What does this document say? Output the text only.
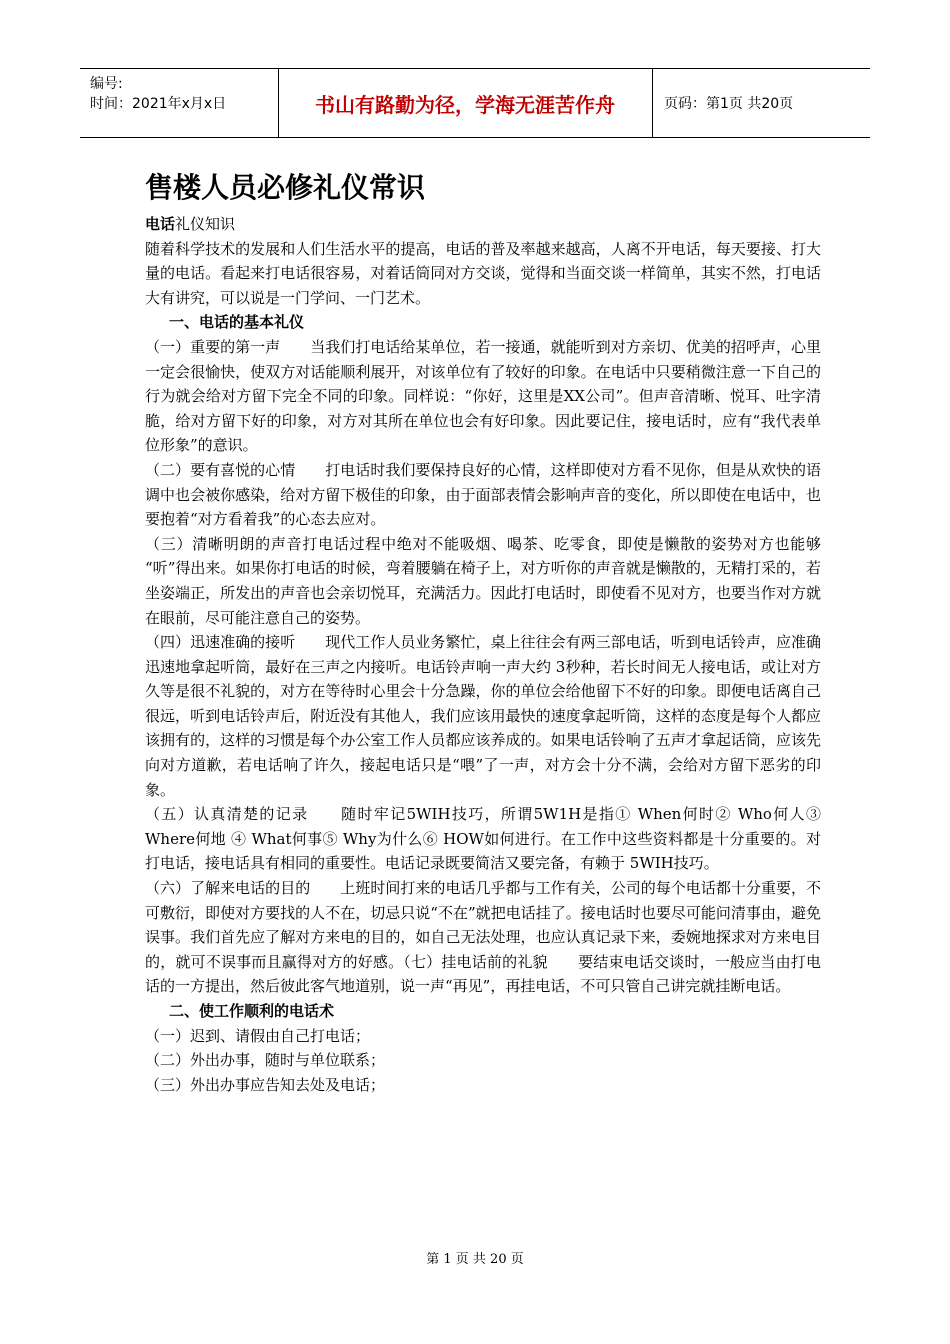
编号:
时间：2021年x月x日	书山有路勤为径，学海无涯苦作舟	页码：第1页 共20页
售楼人员必修礼仪常识
电话礼仪知识

随着科学技术的发展和人们生活水平的提高，电话的普及率越来越高，人离不开电话，每天要接、打大量的电话。看起来打电话很容易，对着话筒同对方交谈，觉得和当面交谈一样简单，其实不然，打电话大有讲究，可以说是一门学问、一门艺术。

一、电话的基本礼仪

（一）重要的第一声　　当我们打电话给某单位，若一接通，就能听到对方亲切、优美的招呼声，心里一定会很愉快，使双方对话能顺利展开，对该单位有了较好的印象。在电话中只要稍微注意一下自己的行为就会给对方留下完全不同的印象。同样说：“你好，这里是XX公司”。但声音清晰、悦耳、吐字清脆，给对方留下好的印象，对方对其所在单位也会有好印象。因此要记住，接电话时，应有“我代表单位形象”的意识。

（二）要有喜悦的心情　　打电话时我们要保持良好的心情，这样即使对方看不见你，但是从欢快的语调中也会被你感染，给对方留下极佳的印象，由于面部表情会影响声音的变化，所以即使在电话中，也要抱着“对方看着我”的心态去应对。

（三）清晰明朗的声音打电话过程中绝对不能吸烟、喝茶、吃零食，即使是懒散的姿势对方也能够 “听”得出来。如果你打电话的时候，弯着腰躺在椅子上，对方听你的声音就是懒散的，无精打采的，若坐姿端正，所发出的声音也会亲切悦耳，充满活力。因此打电话时，即使看不见对方，也要当作对方就在眼前，尽可能注意自己的姿势。

（四）迅速准确的接听　　现代工作人员业务繁忙，桌上往往会有两三部电话，听到电话铃声，应准确迅速地拿起听筒，最好在三声之内接听。电话铃声响一声大约 3秒种，若长时间无人接电话，或让对方久等是很不礼貌的，对方在等待时心里会十分急躁，你的单位会给他留下不好的印象。即便电话离自己很远，听到电话铃声后，附近没有其他人，我们应该用最快的速度拿起听筒，这样的态度是每个人都应该拥有的，这样的习惯是每个办公室工作人员都应该养成的。如果电话铃响了五声才拿起话筒，应该先向对方道歉，若电话响了许久，接起电话只是“喂”了一声，对方会十分不满，会给对方留下恶劣的印象。

（五）认真清楚的记录　　随时牢记5WIH技巧，所谓5W1H是指① When何时② Who何人③ Where何地 ④ What何事⑤ Why为什么⑥ HOW如何进行。在工作中这些资料都是十分重要的。对打电话，接电话具有相同的重要性。电话记录既要简洁又要完备，有赖于 5WIH技巧。

（六）了解来电话的目的　　上班时间打来的电话几乎都与工作有关，公司的每个电话都十分重要，不可敷衍，即使对方要找的人不在，切忌只说“不在”就把电话挂了。接电话时也要尽可能问清事由，避免误事。我们首先应了解对方来电的目的，如自己无法处理，也应认真记录下来，委婉地探求对方来电目的，就可不误事而且赢得对方的好感。（七）挂电话前的礼貌　　要结束电话交谈时，一般应当由打电话的一方提出，然后彼此客气地道别，说一声“再见”，再挂电话，不可只管自己讲完就挂断电话。

二、使工作顺利的电话术

（一）迟到、请假由自己打电话；

（二）外出办事，随时与单位联系；

（三）外出办事应告知去处及电话；

第 1 页 共 20 页
